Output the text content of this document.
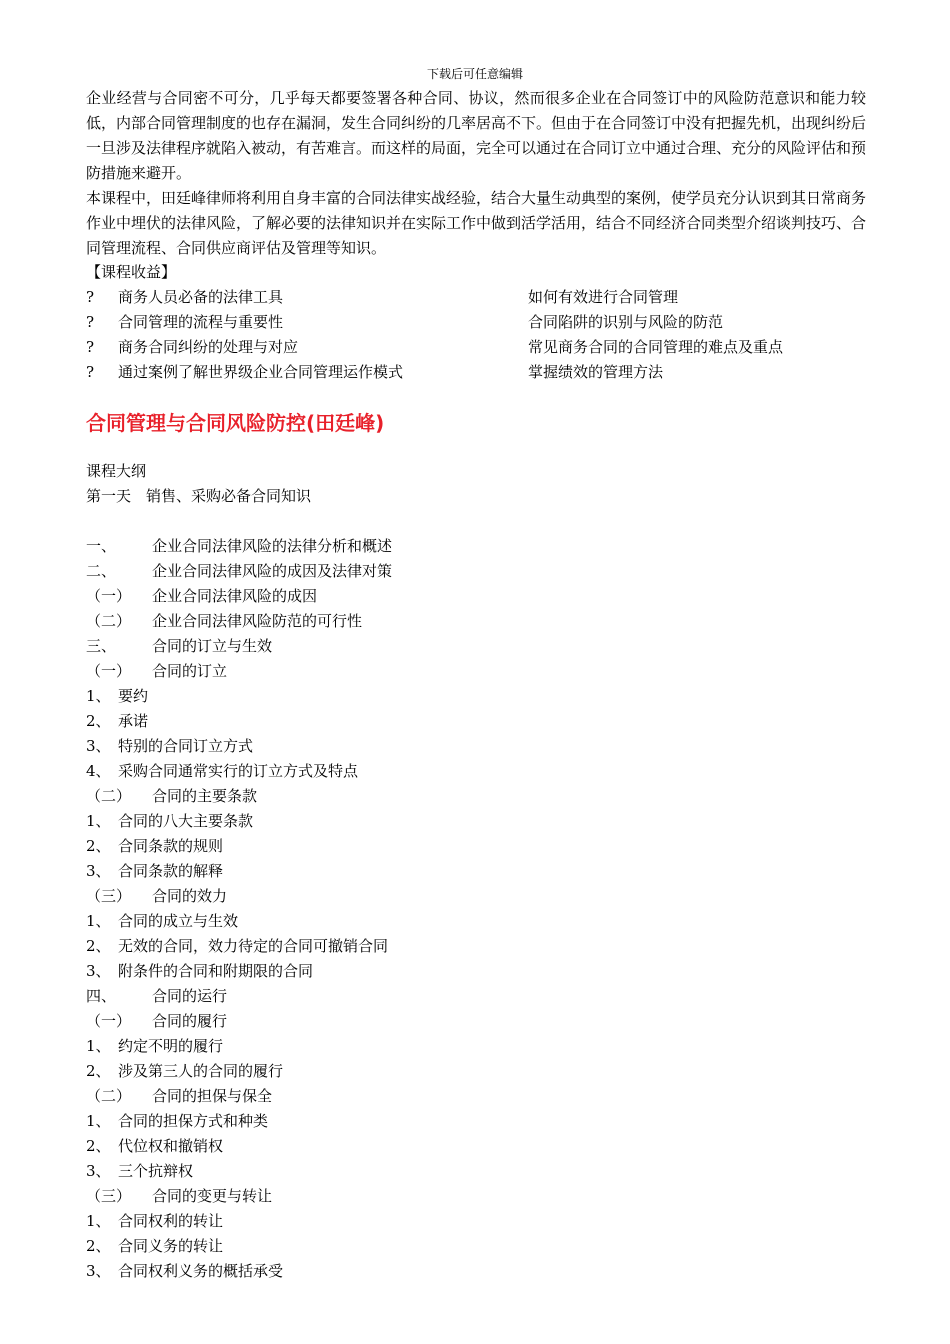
下载后可任意编辑

企业经营与合同密不可分，几乎每天都要签署各种合同、协议，然而很多企业在合同签订中的风险防范意识和能力较低，内部合同管理制度的也存在漏洞，发生合同纠纷的几率居高不下。但由于在合同签订中没有把握先机，出现纠纷后一旦涉及法律程序就陷入被动，有苦难言。而这样的局面，完全可以通过在合同订立中通过合理、充分的风险评估和预防措施来避开。

本课程中，田廷峰律师将利用自身丰富的合同法律实战经验，结合大量生动典型的案例，使学员充分认识到其日常商务作业中埋伏的法律风险，了解必要的法律知识并在实际工作中做到活学活用，结合不同经济合同类型介绍谈判技巧、合同管理流程、合同供应商评估及管理等知识。

【课程收益】
?	商务人员必备的法律工具	如何有效进行合同管理
?	合同管理的流程与重要性	合同陷阱的识别与风险的防范
?	商务合同纠纷的处理与对应	常见商务合同的合同管理的难点及重点
?	通过案例了解世界级企业合同管理运作模式	掌握绩效的管理方法
合同管理与合同风险防控(田廷峰)
课程大纲
第一天　销售、采购必备合同知识
一、	企业合同法律风险的法律分析和概述
二、	企业合同法律风险的成因及法律对策
（一）	企业合同法律风险的成因
（二）	企业合同法律风险防范的可行性
三、	合同的订立与生效
（一）	合同的订立
1、 要约
2、 承诺
3、 特别的合同订立方式
4、 采购合同通常实行的订立方式及特点
（二）	合同的主要条款
1、 合同的八大主要条款
2、 合同条款的规则
3、 合同条款的解释
（三）	合同的效力
1、 合同的成立与生效
2、 无效的合同，效力待定的合同可撤销合同
3、 附条件的合同和附期限的合同
四、	合同的运行
（一）	合同的履行
1、 约定不明的履行
2、 涉及第三人的合同的履行
（二）	合同的担保与保全
1、 合同的担保方式和种类
2、 代位权和撤销权
3、 三个抗辩权
（三）	合同的变更与转让
1、 合同权利的转让
2、 合同义务的转让
3、 合同权利义务的概括承受
